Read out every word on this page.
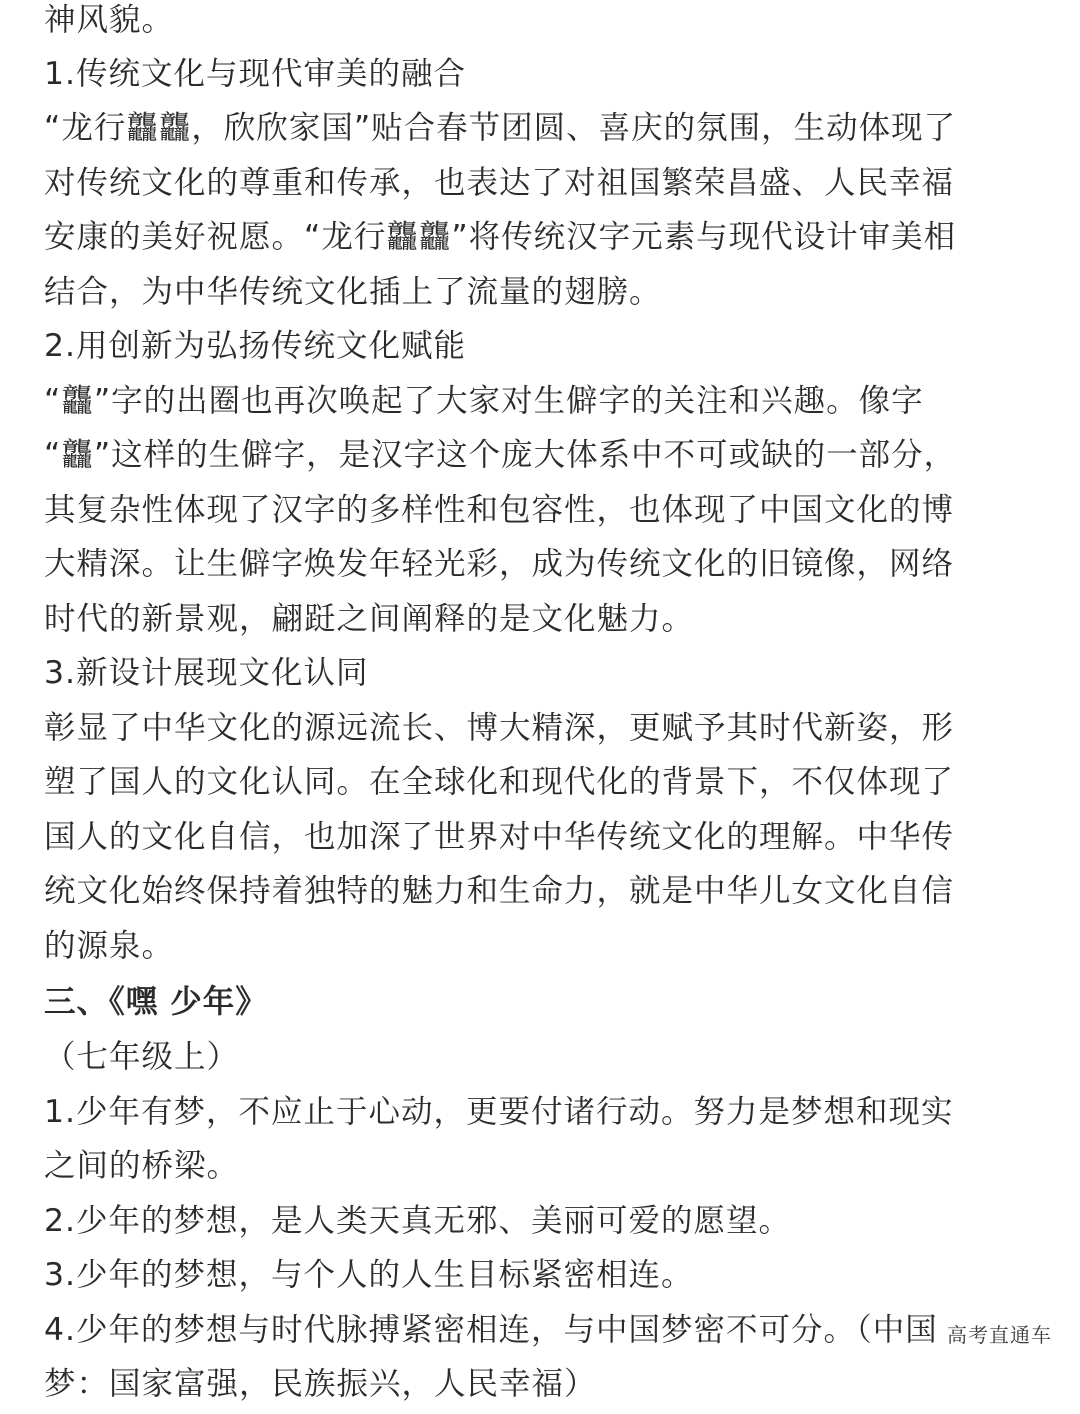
神风貌。
1.传统文化与现代审美的融合
“龙行龘龘，欣欣家国”贴合春节团圆、喜庆的氛围，生动体现了
对传统文化的尊重和传承，也表达了对祖国繁荣昌盛、人民幸福
安康的美好祝愿。“龙行龘龘”将传统汉字元素与现代设计审美相
结合，为中华传统文化插上了流量的翅膀。
2.用创新为弘扬传统文化赋能
“龘”字的出圈也再次唤起了大家对生僻字的关注和兴趣。像字
“龘”这样的生僻字，是汉字这个庞大体系中不可或缺的一部分，
其复杂性体现了汉字的多样性和包容性，也体现了中国文化的博
大精深。让生僻字焕发年轻光彩，成为传统文化的旧镜像，网络
时代的新景观，翩跹之间阐释的是文化魅力。
3.新设计展现文化认同
彰显了中华文化的源远流长、博大精深，更赋予其时代新姿，形
塑了国人的文化认同。在全球化和现代化的背景下，不仅体现了
国人的文化自信，也加深了世界对中华传统文化的理解。中华传
统文化始终保持着独特的魅力和生命力，就是中华儿女文化自信
的源泉。
三、《嘿 少年》
（七年级上）
1.少年有梦，不应止于心动，更要付诸行动。努力是梦想和现实
之间的桥梁。
2.少年的梦想，是人类天真无邪、美丽可爱的愿望。
3.少年的梦想，与个人的人生目标紧密相连。
4.少年的梦想与时代脉搏紧密相连，与中国梦密不可分。（中国
梦：国家富强，民族振兴，人民幸福）
高考直通车
